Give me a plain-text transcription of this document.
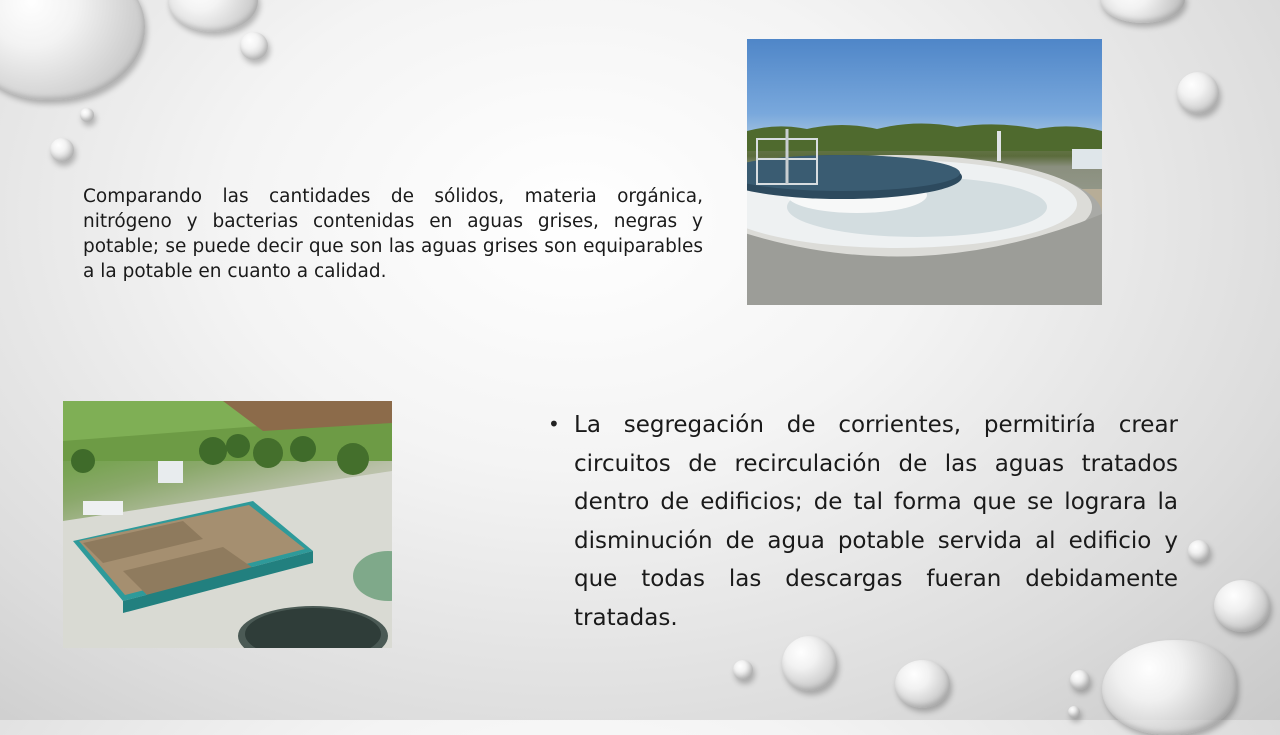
Comparando las cantidades de sólidos, materia orgánica, nitrógeno y bacterias contenidas en aguas grises, negras y potable; se puede decir que son las aguas grises son equiparables a la potable en cuanto a calidad.

• La segregación de corrientes, permitiría crear circuitos de recirculación de las aguas tratados dentro de edificios; de tal forma que se lograra la disminución de agua potable servida al edificio y que todas las descargas fueran debidamente tratadas.
